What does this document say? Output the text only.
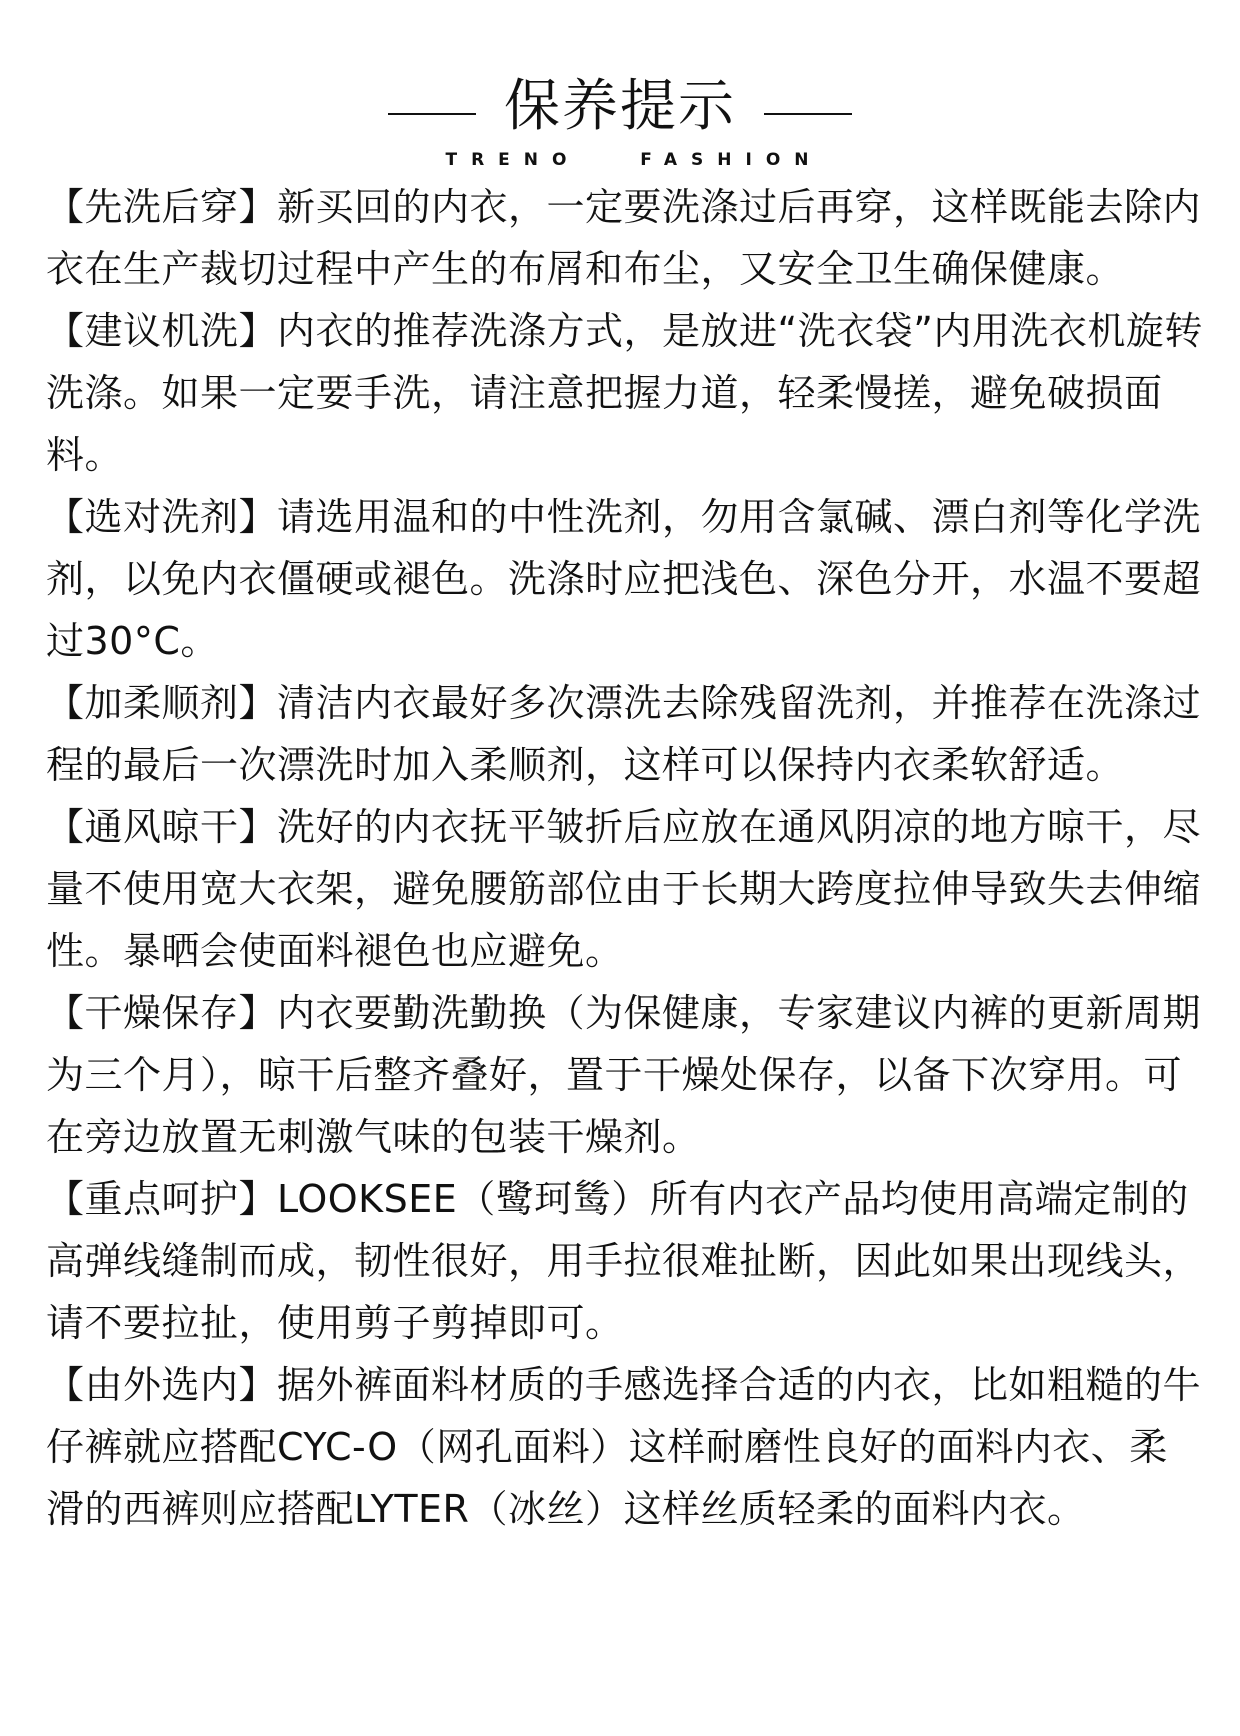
保养提示
TRENO   FASHION

【先洗后穿】新买回的内衣，一定要洗涤过后再穿，这样既能去除内衣在生产裁切过程中产生的布屑和布尘，又安全卫生确保健康。

【建议机洗】内衣的推荐洗涤方式，是放进“洗衣袋”内用洗衣机旋转洗涤。如果一定要手洗，请注意把握力道，轻柔慢搓，避免破损面料。

【选对洗剂】请选用温和的中性洗剂，勿用含氯碱、漂白剂等化学洗剂，以免内衣僵硬或褪色。洗涤时应把浅色、深色分开，水温不要超过30°C。

【加柔顺剂】清洁内衣最好多次漂洗去除残留洗剂，并推荐在洗涤过程的最后一次漂洗时加入柔顺剂，这样可以保持内衣柔软舒适。

【通风晾干】洗好的内衣抚平皱折后应放在通风阴凉的地方晾干，尽量不使用宽大衣架，避免腰筋部位由于长期大跨度拉伸导致失去伸缩性。暴晒会使面料褪色也应避免。

【干燥保存】内衣要勤洗勤换（为保健康，专家建议内裤的更新周期为三个月），晾干后整齐叠好，置于干燥处保存，以备下次穿用。可在旁边放置无刺激气味的包装干燥剂。

【重点呵护】LOOKSEE（鹭珂鸶）所有内衣产品均使用高端定制的高弹线缝制而成，韧性很好，用手拉很难扯断，因此如果出现线头，请不要拉扯，使用剪子剪掉即可。

【由外选内】据外裤面料材质的手感选择合适的内衣，比如粗糙的牛仔裤就应搭配CYC-O（网孔面料）这样耐磨性良好的面料内衣、柔滑的西裤则应搭配LYTER（冰丝）这样丝质轻柔的面料内衣。
